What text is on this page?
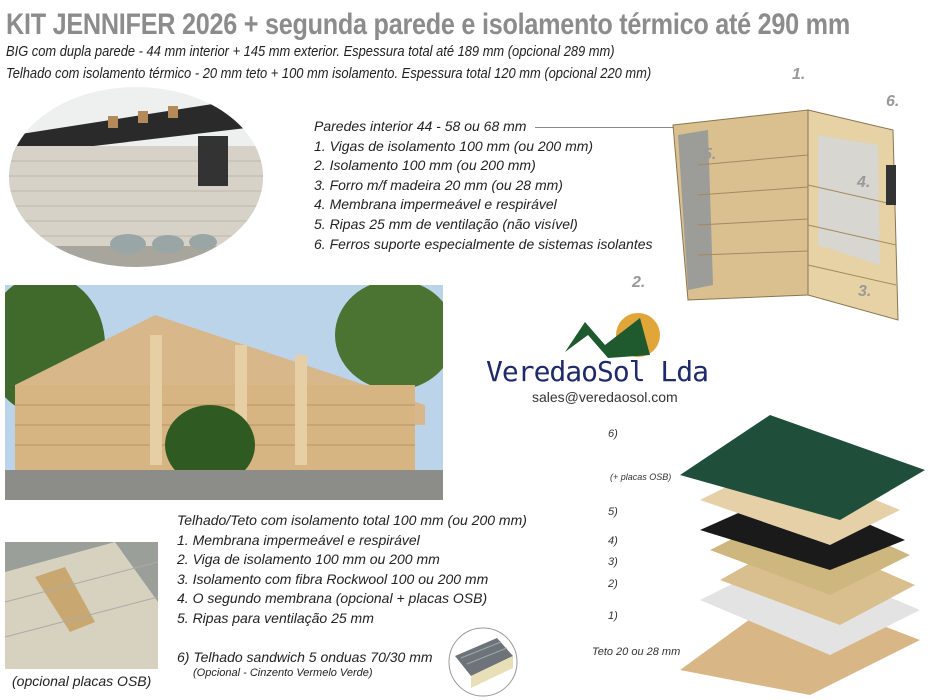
KIT JENNIFER 2026 + segunda parede e isolamento térmico até 290 mm
BIG com dupla parede - 44 mm interior + 145 mm exterior. Espessura total até 189 mm (opcional 289 mm)
Telhado com isolamento térmico - 20 mm teto + 100 mm isolamento. Espessura total 120 mm (opcional 220 mm)
Paredes interior 44 - 58 ou 68 mm
1. Vigas de isolamento 100 mm (ou 200 mm)
2. Isolamento 100 mm (ou 200 mm)
3. Forro m/f madeira 20 mm (ou 28 mm)
4. Membrana impermeável e respirável
5. Ripas 25 mm de ventilação (não visível)
6. Ferros suporte especialmente de sistemas isolantes
1.
2.
3.
4.
5.
6.
VeredaoSol Lda
sales@veredaosol.com
6)
(+ placas OSB)
5)
4)
3)
2)
1)
Teto 20 ou 28 mm
(opcional placas OSB)
Telhado/Teto com isolamento total 100 mm (ou 200 mm)
1. Membrana impermeável e respirável
2. Viga de isolamento 100 mm ou 200 mm
3. Isolamento com fibra Rockwool 100 ou 200 mm
4. O segundo membrana (opcional + placas OSB)
5. Ripas para ventilação 25 mm
6) Telhado sandwich 5 onduas 70/30 mm
(Opcional - Cinzento Vermelo Verde)
